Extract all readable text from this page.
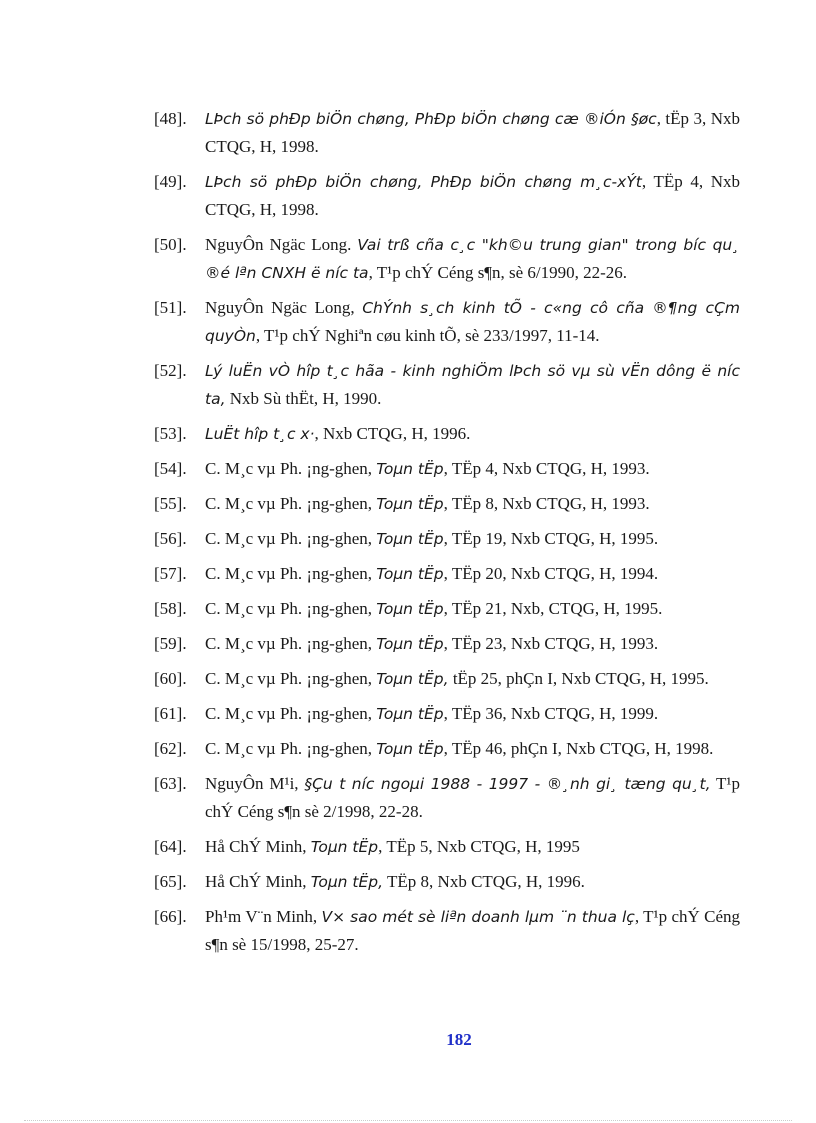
[48].	LÞch sö phÐp biÖn chøng, PhÐp biÖn chøng cæ ®iÓn §øc, tËp 3, Nxb CTQG, H, 1998.
[49].	LÞch sö phÐp biÖn chøng, PhÐp biÖn chøng m¸c-xÝt, TËp 4, Nxb CTQG, H, 1998.
[50].	NguyÔn Ngäc Long. Vai trß cña c¸c "kh©u trung gian" trong bíc qu¸ ®é lªn CNXH ë níc ta, T¹p chÝ Céng s¶n, sè 6/1990, 22-26.
[51].	NguyÔn Ngäc Long, ChÝnh s¸ch kinh tÕ - c«ng cô cña ®¶ng cÇm quyÒn, T¹p chÝ Nghiªn cøu kinh tÕ, sè 233/1997, 11-14.
[52].	Lý luËn vÒ hîp t¸c hãa - kinh nghiÖm lÞch sö vµ sù vËn dông ë níc ta, Nxb Sù thËt, H, 1990.
[53].	LuËt hîp t¸c x·, Nxb CTQG, H, 1996.
[54].	C. M¸c vµ Ph. ¡ng-ghen, Toµn tËp, TËp 4, Nxb CTQG, H, 1993.
[55].	C. M¸c vµ Ph. ¡ng-ghen, Toµn tËp, TËp 8, Nxb CTQG, H, 1993.
[56].	C. M¸c vµ Ph. ¡ng-ghen, Toµn tËp, TËp 19, Nxb CTQG, H, 1995.
[57].	C. M¸c vµ Ph. ¡ng-ghen, Toµn tËp, TËp 20, Nxb CTQG, H, 1994.
[58].	C. M¸c vµ Ph. ¡ng-ghen, Toµn tËp, TËp 21, Nxb, CTQG, H, 1995.
[59].	C. M¸c vµ Ph. ¡ng-ghen, Toµn tËp, TËp 23, Nxb CTQG, H, 1993.
[60].	C. M¸c vµ Ph. ¡ng-ghen, Toµn tËp, tËp 25, phÇn I, Nxb CTQG, H, 1995.
[61].	C. M¸c vµ Ph. ¡ng-ghen, Toµn tËp, TËp 36, Nxb CTQG, H, 1999.
[62].	C. M¸c vµ Ph. ¡ng-ghen, Toµn tËp, TËp 46, phÇn I, Nxb CTQG, H, 1998.
[63].	NguyÔn M¹i, §Çu t níc ngoµi 1988 - 1997 - ®¸nh gi¸ tæng qu¸t, T¹p chÝ Céng s¶n sè 2/1998, 22-28.
[64].	Hå ChÝ Minh, Toµn tËp, TËp 5, Nxb CTQG, H, 1995
[65].	Hå ChÝ Minh, Toµn tËp, TËp 8, Nxb CTQG, H, 1996.
[66].	Ph¹m V¨n Minh, V× sao mét sè liªn doanh lµm ¨n thua lç, T¹p chÝ Céng s¶n sè 15/1998, 25-27.
182
